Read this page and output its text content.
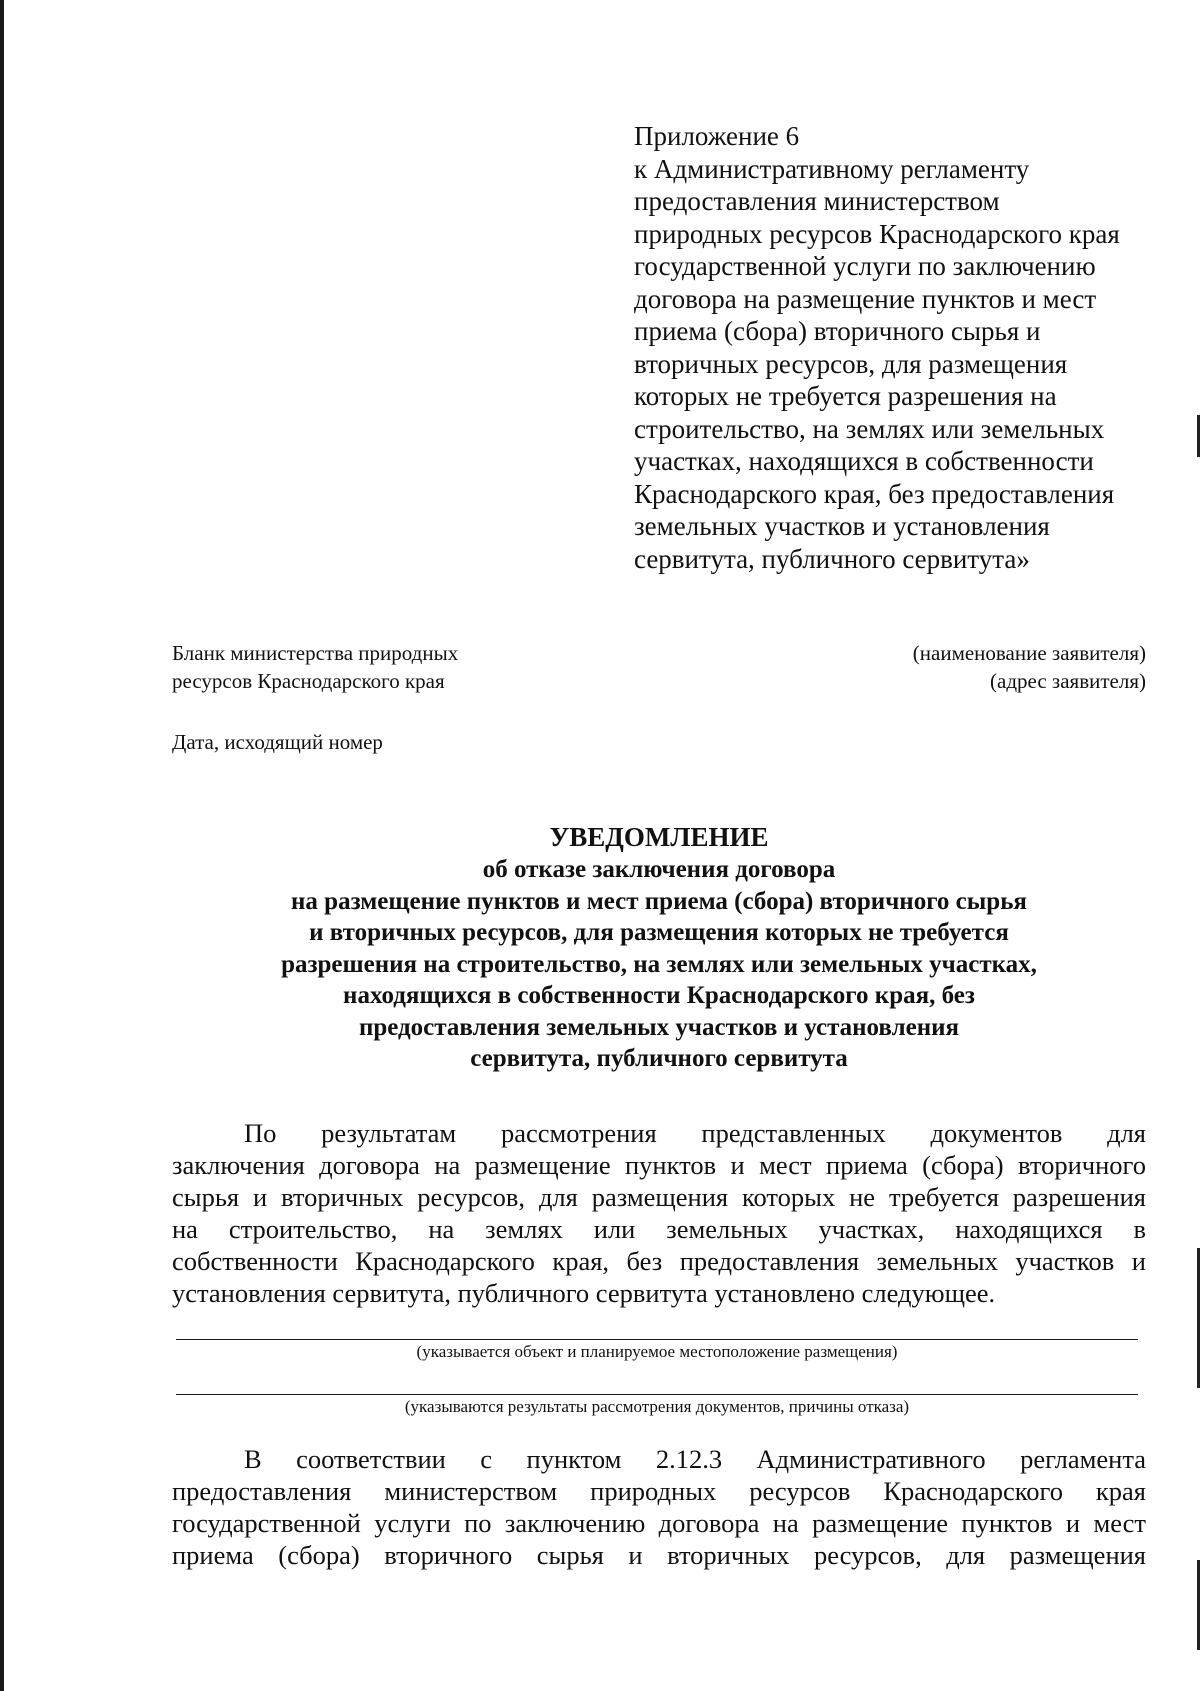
Приложение 6
к Административному регламенту
предоставления министерством
природных ресурсов Краснодарского края
государственной услуги по заключению
договора на размещение пунктов и мест
приема (сбора) вторичного сырья и
вторичных ресурсов, для размещения
которых не требуется разрешения на
строительство, на землях или земельных
участках, находящихся в собственности
Краснодарского края, без предоставления
земельных участков и установления
сервитута, публичного сервитута»
Бланк министерства природных
ресурсов Краснодарского края
(наименование заявителя)
(адрес заявителя)
Дата, исходящий номер
УВЕДОМЛЕНИЕ
об отказе заключения договора
на размещение пунктов и мест приема (сбора) вторичного сырья
и вторичных ресурсов, для размещения которых не требуется
разрешения на строительство, на землях или земельных участках,
находящихся в собственности Краснодарского края, без
предоставления земельных участков и установления
сервитута, публичного сервитута
По результатам рассмотрения представленных документов для
заключения договора на размещение пунктов и мест приема (сбора) вторичного
сырья и вторичных ресурсов, для размещения которых не требуется разрешения
на строительство, на землях или земельных участках, находящихся в
собственности Краснодарского края, без предоставления земельных участков и
установления сервитута, публичного сервитута установлено следующее.
(указывается объект и планируемое местоположение размещения)
(указываются результаты рассмотрения документов, причины отказа)
В соответствии с пунктом 2.12.3 Административного регламента
предоставления министерством природных ресурсов Краснодарского края
государственной услуги по заключению договора на размещение пунктов и мест
приема (сбора) вторичного сырья и вторичных ресурсов, для размещения
